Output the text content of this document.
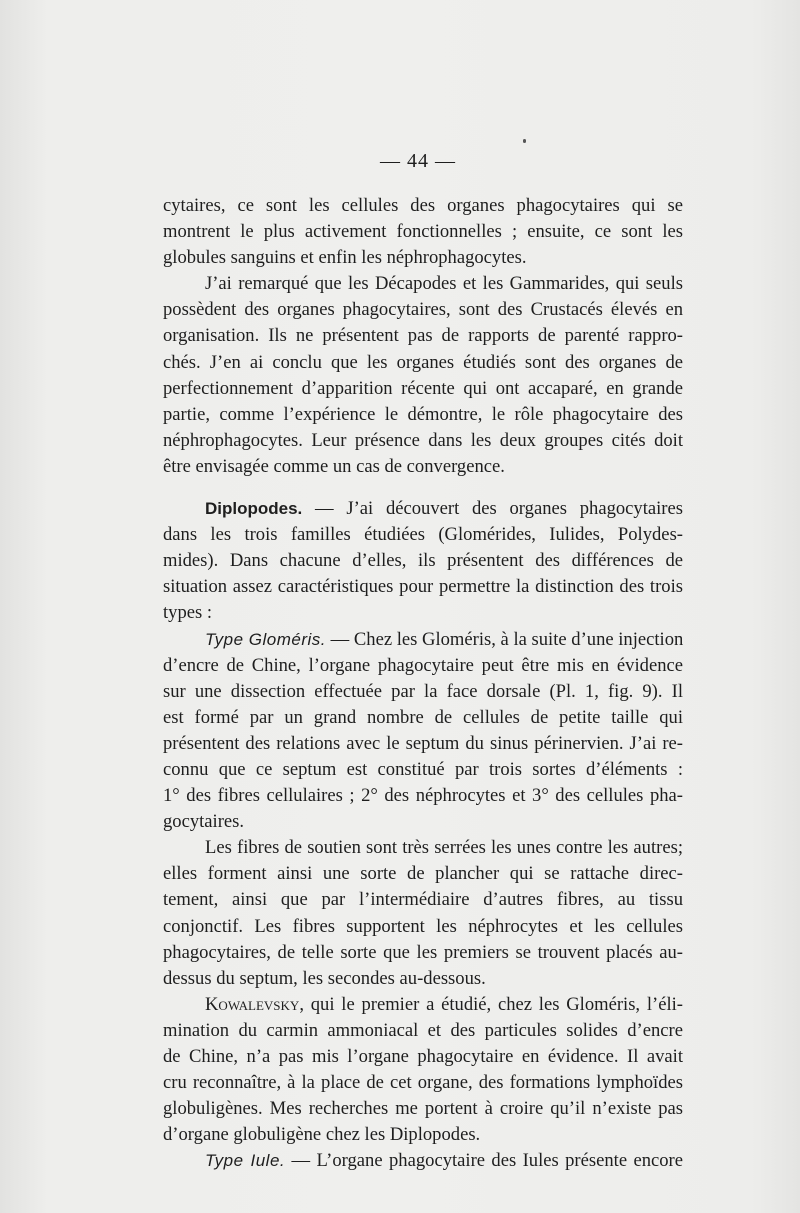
— 44 —
cytaires, ce sont les cellules des organes phagocytaires qui se
montrent le plus activement fonctionnelles ; ensuite, ce sont les
globules sanguins et enfin les néphrophagocytes.
J’ai remarqué que les Décapodes et les Gammarides, qui seuls
possèdent des organes phagocytaires, sont des Crustacés élevés en
organisation. Ils ne présentent pas de rapports de parenté rappro-
chés. J’en ai conclu que les organes étudiés sont des organes de
perfectionnement d’apparition récente qui ont accaparé, en grande
partie, comme l’expérience le démontre, le rôle phagocytaire des
néphrophagocytes. Leur présence dans les deux groupes cités doit
être envisagée comme un cas de convergence.
Diplopodes. — J’ai découvert des organes phagocytaires
dans les trois familles étudiées (Glomérides, Iulides, Polydes-
mides). Dans chacune d’elles, ils présentent des différences de
situation assez caractéristiques pour permettre la distinction des trois
types :
Type Gloméris. — Chez les Gloméris, à la suite d’une injection
d’encre de Chine, l’organe phagocytaire peut être mis en évidence
sur une dissection effectuée par la face dorsale (Pl. 1, fig. 9). Il
est formé par un grand nombre de cellules de petite taille qui
présentent des relations avec le septum du sinus périnervien. J’ai re-
connu que ce septum est constitué par trois sortes d’éléments :
1° des fibres cellulaires ; 2° des néphrocytes et 3° des cellules pha-
gocytaires.
Les fibres de soutien sont très serrées les unes contre les autres;
elles forment ainsi une sorte de plancher qui se rattache direc-
tement, ainsi que par l’intermédiaire d’autres fibres, au tissu
conjonctif. Les fibres supportent les néphrocytes et les cellules
phagocytaires, de telle sorte que les premiers se trouvent placés au-
dessus du septum, les secondes au-dessous.
Kowalevsky, qui le premier a étudié, chez les Gloméris, l’éli-
mination du carmin ammoniacal et des particules solides d’encre
de Chine, n’a pas mis l’organe phagocytaire en évidence. Il avait
cru reconnaître, à la place de cet organe, des formations lymphoïdes
globuligènes. Mes recherches me portent à croire qu’il n’existe pas
d’organe globuligène chez les Diplopodes.
Type Iule. — L’organe phagocytaire des Iules présente encore
